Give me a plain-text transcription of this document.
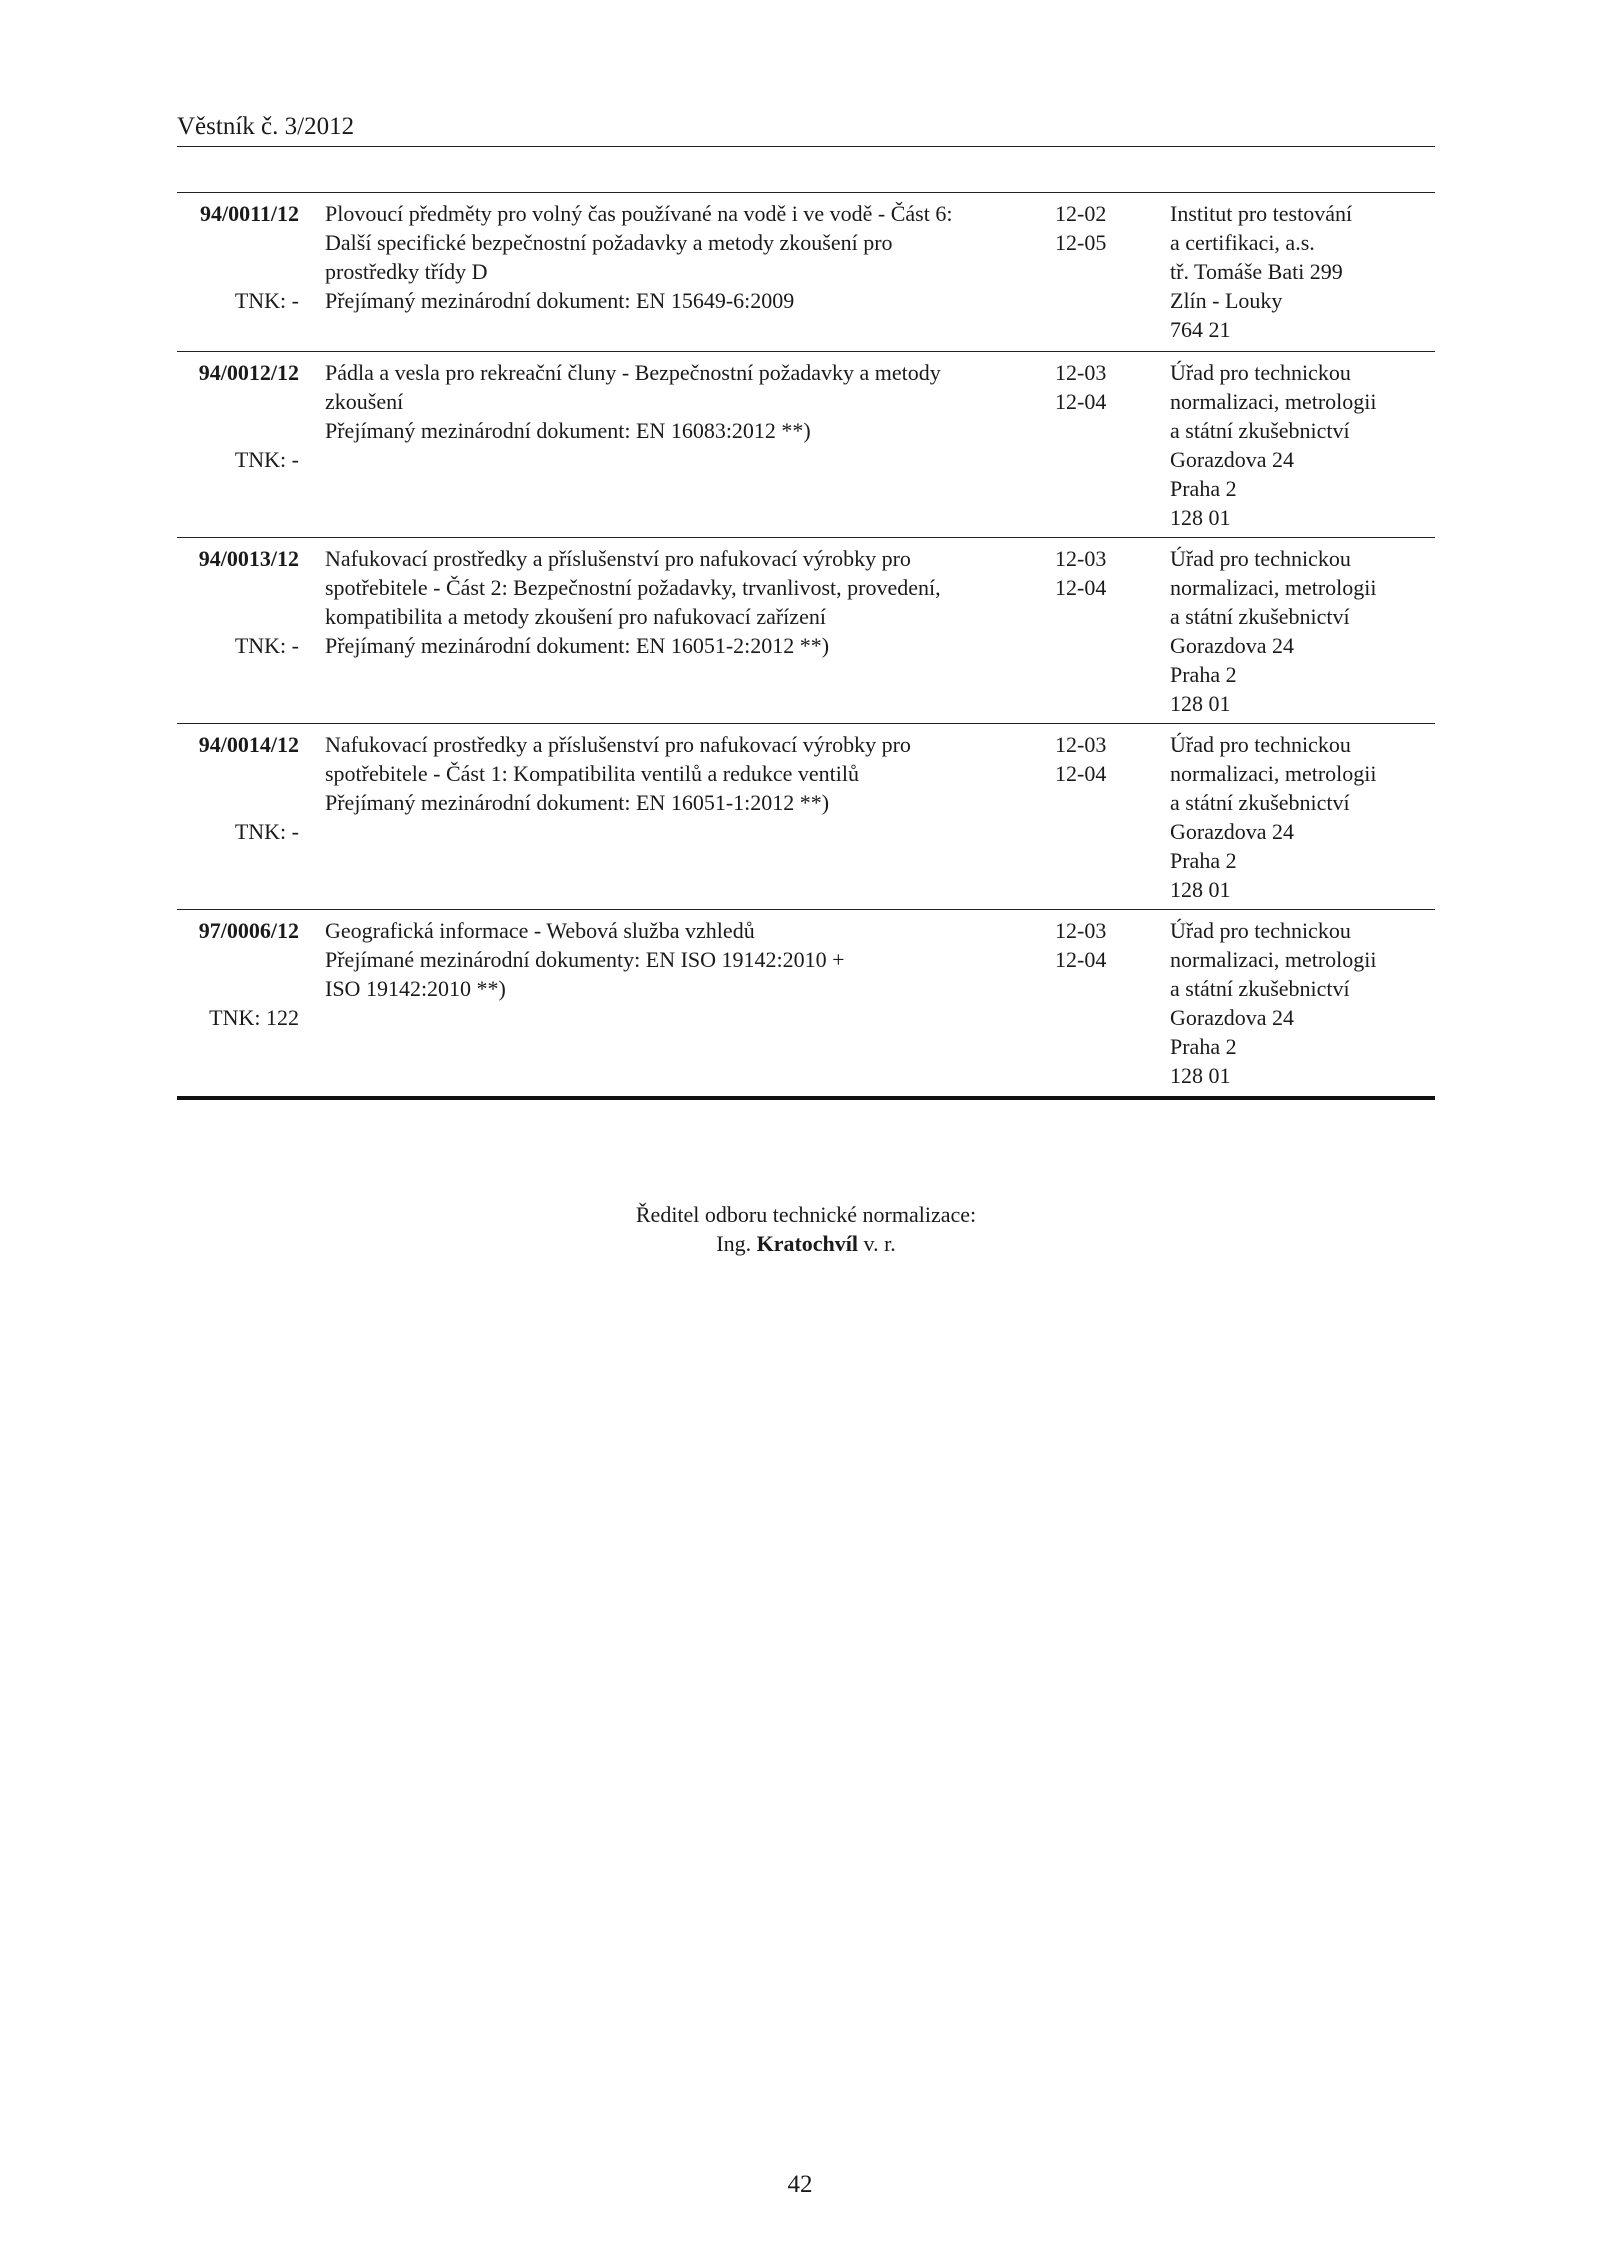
Věstník č. 3/2012
94/0011/12
TNK: -
Plovoucí předměty pro volný čas používané na vodě i ve vodě - Část 6:
Další specifické bezpečnostní požadavky a metody zkoušení pro
prostředky třídy D
Přejímaný mezinárodní dokument: EN 15649-6:2009
12-02
12-05
Institut pro testování
a certifikaci, a.s.
tř. Tomáše Bati 299
Zlín - Louky
764 21
94/0012/12
TNK: -
Pádla a vesla pro rekreační čluny - Bezpečnostní požadavky a metody
zkoušení
Přejímaný mezinárodní dokument: EN 16083:2012 **)
12-03
12-04
Úřad pro technickou
normalizaci, metrologii
a státní zkušebnictví
Gorazdova 24
Praha 2
128 01
94/0013/12
TNK: -
Nafukovací prostředky a příslušenství pro nafukovací výrobky pro
spotřebitele - Část 2: Bezpečnostní požadavky, trvanlivost, provedení,
kompatibilita a metody zkoušení pro nafukovací zařízení
Přejímaný mezinárodní dokument: EN 16051-2:2012 **)
12-03
12-04
Úřad pro technickou
normalizaci, metrologii
a státní zkušebnictví
Gorazdova 24
Praha 2
128 01
94/0014/12
TNK: -
Nafukovací prostředky a příslušenství pro nafukovací výrobky pro
spotřebitele - Část 1: Kompatibilita ventilů a redukce ventilů
Přejímaný mezinárodní dokument: EN 16051-1:2012 **)
12-03
12-04
Úřad pro technickou
normalizaci, metrologii
a státní zkušebnictví
Gorazdova 24
Praha 2
128 01
97/0006/12
TNK: 122
Geografická informace - Webová služba vzhledů
Přejímané mezinárodní dokumenty: EN ISO 19142:2010 +
ISO 19142:2010 **)
12-03
12-04
Úřad pro technickou
normalizaci, metrologii
a státní zkušebnictví
Gorazdova 24
Praha 2
128 01
Ředitel odboru technické normalizace:
Ing. Kratochvíl v. r.
42
